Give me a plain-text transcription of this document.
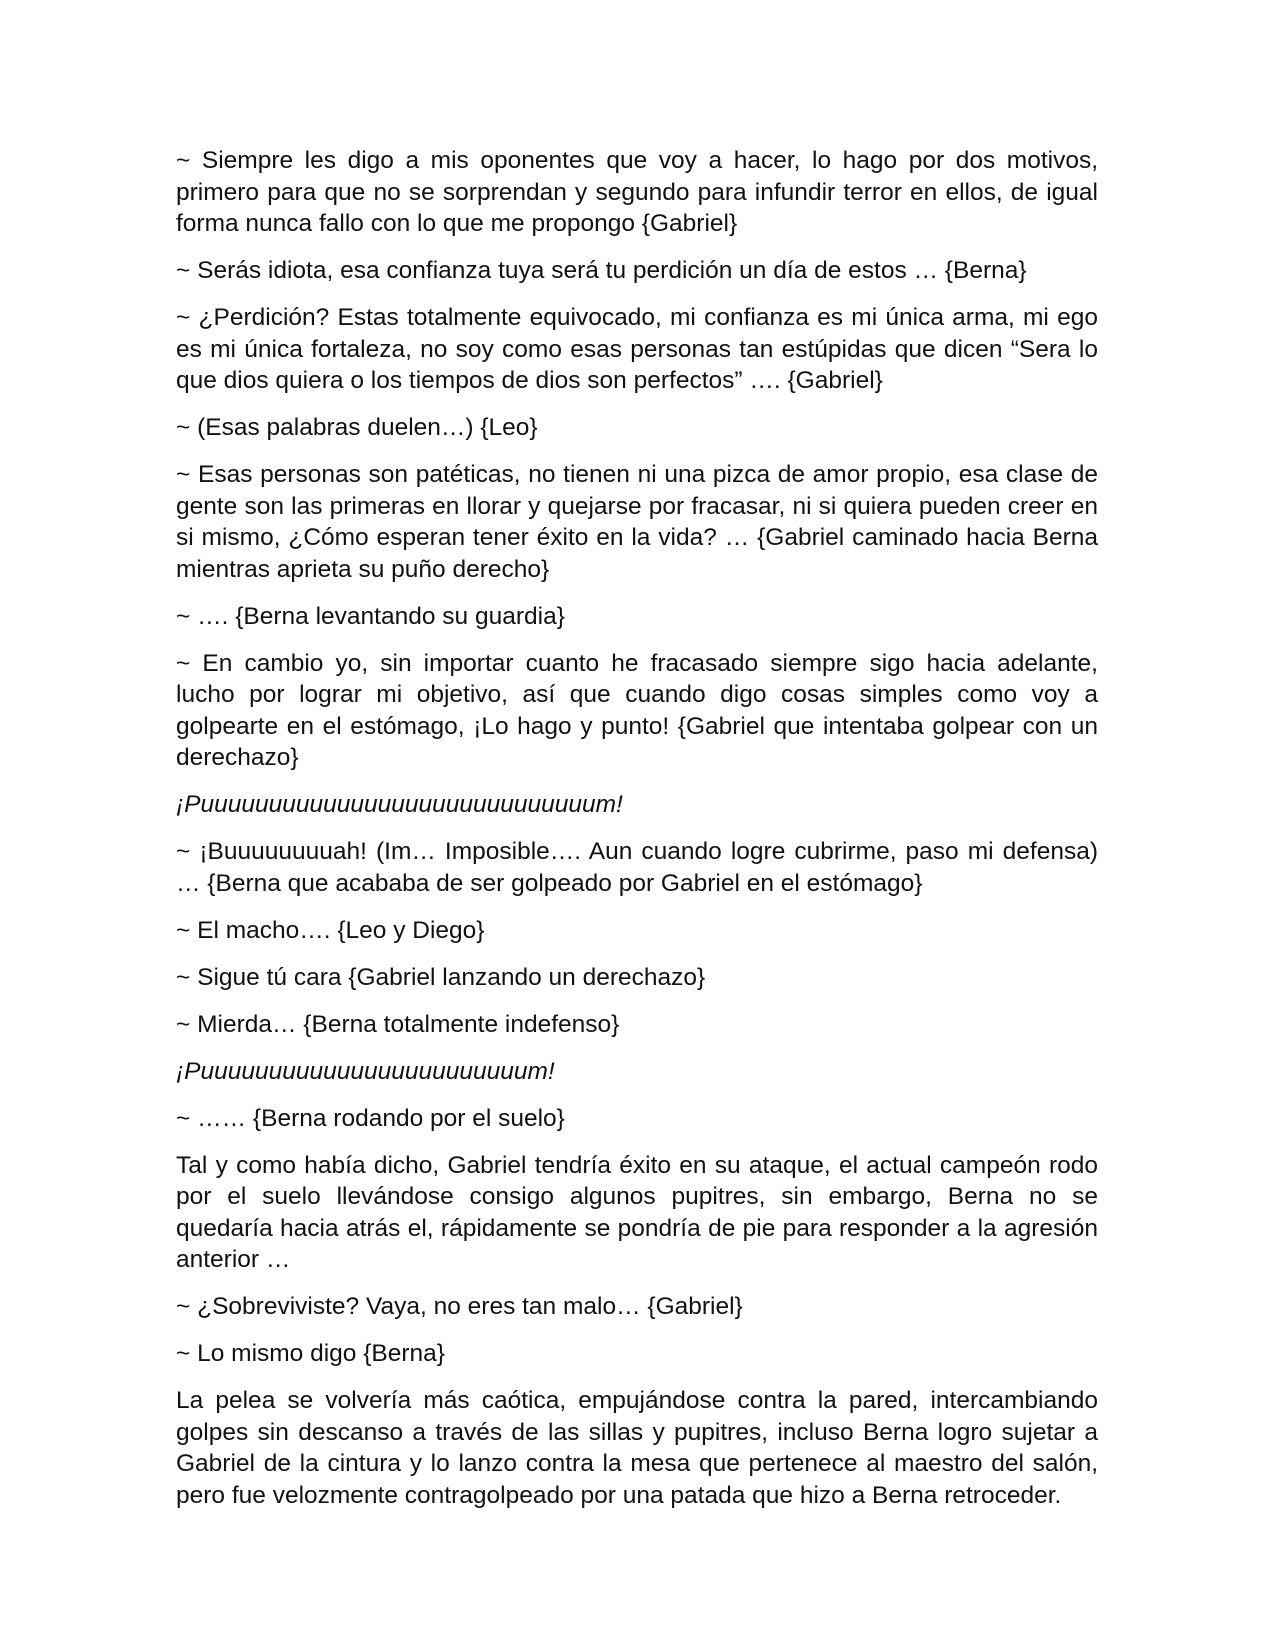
~ Siempre les digo a mis oponentes que voy a hacer, lo hago por dos motivos, primero para que no se sorprendan y segundo para infundir terror en ellos, de igual forma nunca fallo con lo que me propongo {Gabriel}

~ Serás idiota, esa confianza tuya será tu perdición un día de estos … {Berna}

~ ¿Perdición? Estas totalmente equivocado, mi confianza es mi única arma, mi ego es mi única fortaleza, no soy como esas personas tan estúpidas que dicen “Sera lo que dios quiera o los tiempos de dios son perfectos” …. {Gabriel}

~ (Esas palabras duelen…) {Leo}

~ Esas personas son patéticas, no tienen ni una pizca de amor propio, esa clase de gente son las primeras en llorar y quejarse por fracasar, ni si quiera pueden creer en si mismo, ¿Cómo esperan tener éxito en la vida? … {Gabriel caminado hacia Berna mientras aprieta su puño derecho}

~ …. {Berna levantando su guardia}

~ En cambio yo, sin importar cuanto he fracasado siempre sigo hacia adelante, lucho por lograr mi objetivo, así que cuando digo cosas simples como voy a golpearte en el estómago, ¡Lo hago y punto! {Gabriel que intentaba golpear con un derechazo}

¡Puuuuuuuuuuuuuuuuuuuuuuuuuuuuum!

~ ¡Buuuuuuuuah! (Im… Imposible…. Aun cuando logre cubrirme, paso mi defensa) … {Berna que acababa de ser golpeado por Gabriel en el estómago}

~ El macho…. {Leo y Diego}

~ Sigue tú cara {Gabriel lanzando un derechazo}

~ Mierda… {Berna totalmente indefenso}

¡Puuuuuuuuuuuuuuuuuuuuuuuum!

~ …… {Berna rodando por el suelo}

Tal y como había dicho, Gabriel tendría éxito en su ataque, el actual campeón rodo por el suelo llevándose consigo algunos pupitres, sin embargo, Berna no se quedaría hacia atrás el, rápidamente se pondría de pie para responder a la agresión anterior …

~ ¿Sobreviviste? Vaya, no eres tan malo… {Gabriel}

~ Lo mismo digo {Berna}

La pelea se volvería más caótica, empujándose contra la pared, intercambiando golpes sin descanso a través de las sillas y pupitres, incluso Berna logro sujetar a Gabriel de la cintura y lo lanzo contra la mesa que pertenece al maestro del salón, pero fue velozmente contragolpeado por una patada que hizo a Berna retroceder.
